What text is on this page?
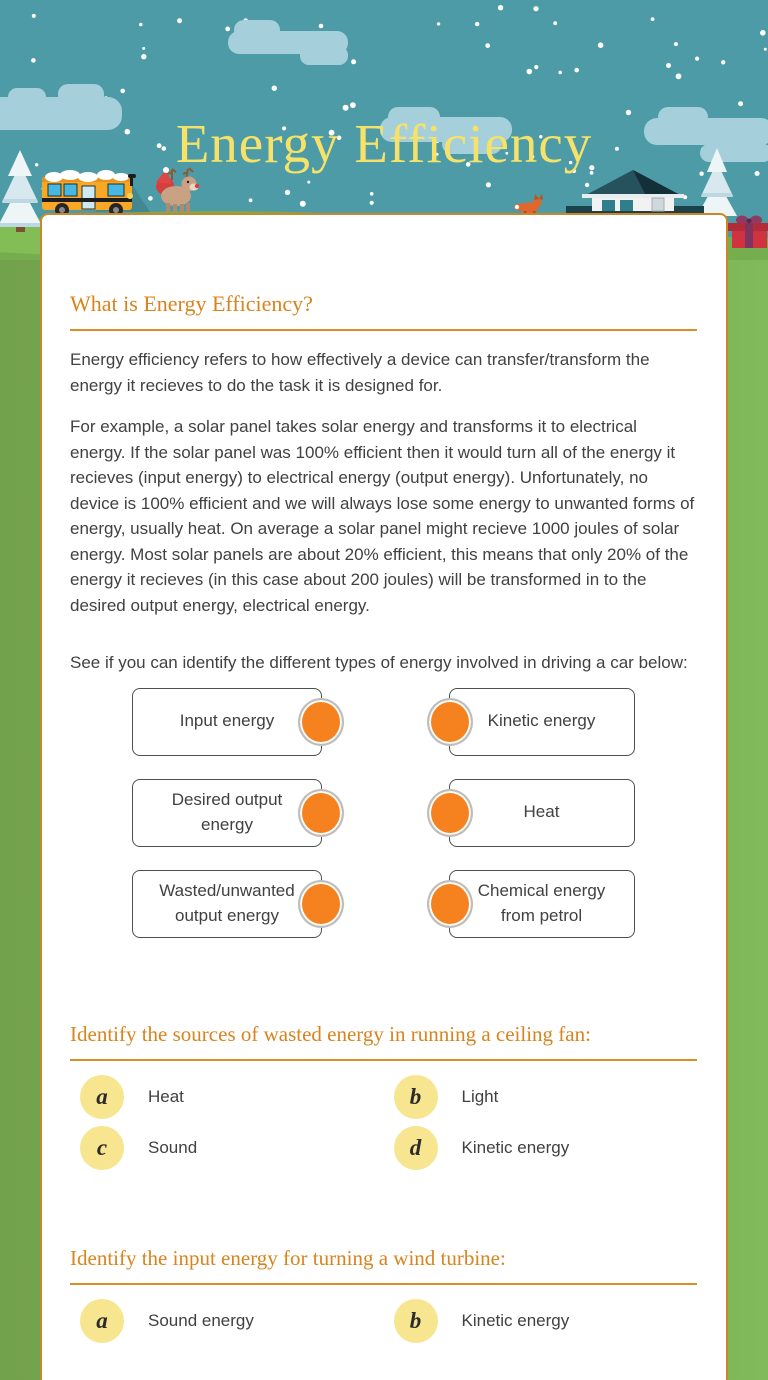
Energy Efficiency
What is Energy Efficiency?

Energy efficiency refers to how effectively a device can transfer/transform the energy it recieves to do the task it is designed for.

For example, a solar panel takes solar energy and transforms it to electrical energy. If the solar panel was 100% efficient then it would turn all of the energy it recieves (input energy) to electrical energy (output energy). Unfortunately, no device is 100% efficient and we will always lose some energy to unwanted forms of energy, usually heat. On average a solar panel might recieve 1000 joules of solar energy. Most solar panels are about 20% efficient, this means that only 20% of the energy it recieves (in this case about 200 joules) will be transformed in to the desired output energy, electrical energy.

See if you can identify the different types of energy involved in driving a car below:

Input energy	Kinetic energy
Desired output energy
Heat
Wasted/unwanted output energy
Chemical energy from petrol
Identify the sources of wasted energy in running a ceiling fan:
a	Heat	b	Light
c	Sound	d	Kinetic energy
Identify the input energy for turning a wind turbine:
a	Sound energy	b	Kinetic energy
